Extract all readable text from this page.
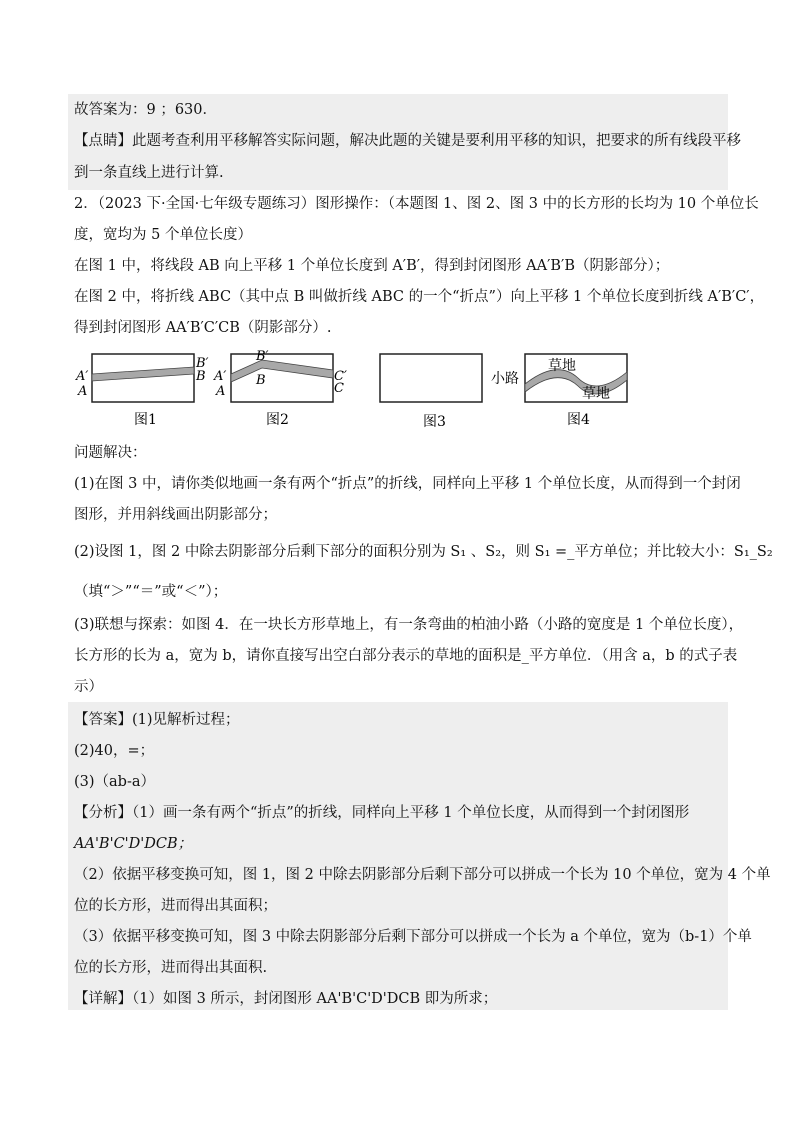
故答案为：9 ；630．
【点睛】此题考查利用平移解答实际问题，解决此题的关键是要利用平移的知识，把要求的所有线段平移
到一条直线上进行计算.
2．（2023 下·全国·七年级专题练习）图形操作：（本题图 1、图 2、图 3 中的长方形的长均为 10 个单位长
度，宽均为 5 个单位长度）
在图 1 中，将线段 AB 向上平移 1 个单位长度到 A′B′，得到封闭图形 AA′B′B（阴影部分）；
在图 2 中，将折线 ABC（其中点 B 叫做折线 ABC 的一个“折点”）向上平移 1 个单位长度到折线 A′B′C′，
得到封闭图形 AA′B′C′CB（阴影部分）.
A′
A
B′
B
图1
A′
A
B′
B	C′
C
图2	图3
小路
草地
草地
图4
问题解决：
(1)在图 3 中，请你类似地画一条有两个“折点”的折线，同样向上平移 1 个单位长度，从而得到一个封闭
图形，并用斜线画出阴影部分；
(2)设图 1，图 2 中除去阴影部分后剩下部分的面积分别为 S₁ 、S₂，则 S₁ =_平方单位；并比较大小：S₁_S₂
（填“＞”“＝”或“＜”）；
(3)联想与探索：如图 4．在一块长方形草地上，有一条弯曲的柏油小路（小路的宽度是 1 个单位长度），
长方形的长为 a，宽为 b，请你直接写出空白部分表示的草地的面积是_平方单位．（用含 a，b 的式子表
示）
【答案】(1)见解析过程；
(2)40，=；
(3)（ab-a）
【分析】（1）画一条有两个“折点”的折线，同样向上平移 1 个单位长度，从而得到一个封闭图形
AA'B'C'D'DCB；
（2）依据平移变换可知，图 1，图 2 中除去阴影部分后剩下部分可以拼成一个长为 10 个单位，宽为 4 个单
位的长方形，进而得出其面积；
（3）依据平移变换可知，图 3 中除去阴影部分后剩下部分可以拼成一个长为 a 个单位，宽为（b-1）个单
位的长方形，进而得出其面积.
【详解】（1）如图 3 所示，封闭图形 AA'B'C'D'DCB 即为所求；
